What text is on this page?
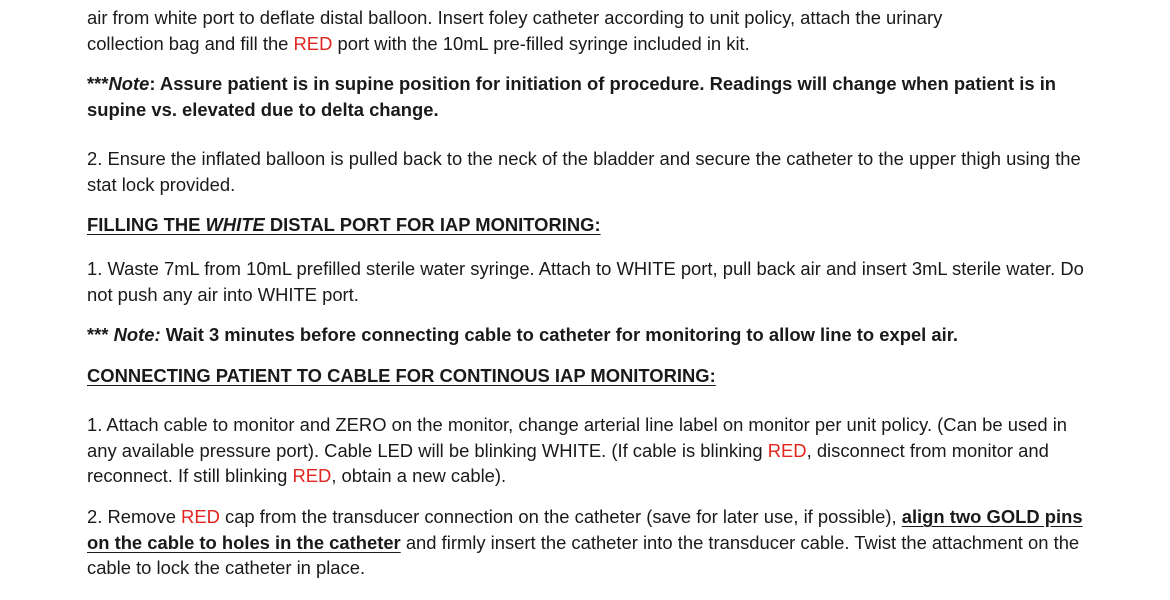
air from white port to deflate distal balloon. Insert foley catheter according to unit policy, attach the urinary
collection bag and fill the RED port with the 10mL pre-filled syringe included in kit.

***Note: Assure patient is in supine position for initiation of procedure. Readings will change when patient is in supine vs. elevated due to delta change.

2. Ensure the inflated balloon is pulled back to the neck of the bladder and secure the catheter to the upper thigh using the stat lock provided.

FILLING THE WHITE DISTAL PORT FOR IAP MONITORING:

1. Waste 7mL from 10mL prefilled sterile water syringe. Attach to WHITE port, pull back air and insert 3mL sterile water. Do not push any air into WHITE port.

*** Note: Wait 3 minutes before connecting cable to catheter for monitoring to allow line to expel air.

CONNECTING PATIENT TO CABLE FOR CONTINOUS IAP MONITORING:

1. Attach cable to monitor and ZERO on the monitor, change arterial line label on monitor per unit policy. (Can be used in any available pressure port). Cable LED will be blinking WHITE. (If cable is blinking RED, disconnect from monitor and reconnect. If still blinking RED, obtain a new cable).

2. Remove RED cap from the transducer connection on the catheter (save for later use, if possible), align two GOLD pins on the cable to holes in the catheter and firmly insert the catheter into the transducer cable. Twist the attachment on the cable to lock the catheter in place.
